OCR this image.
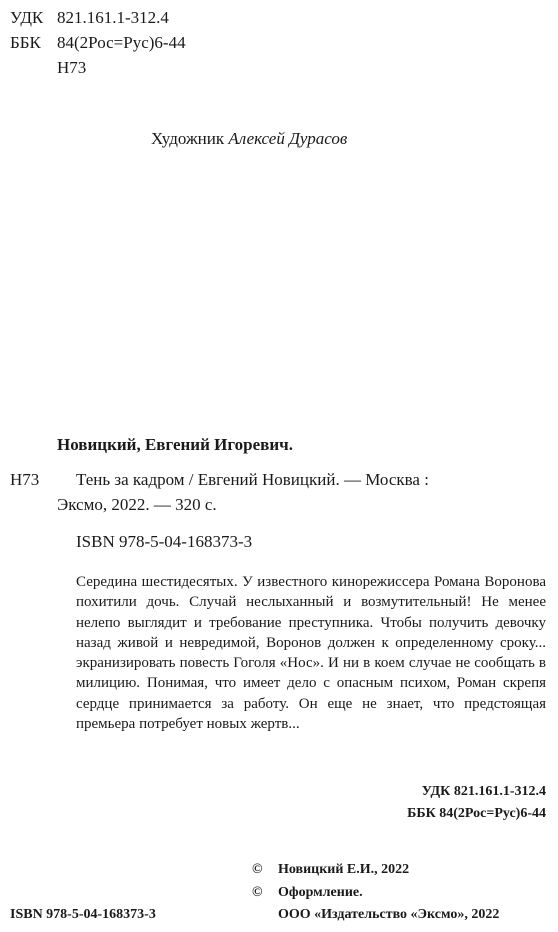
УДК 821.161.1-312.4
ББК 84(2Рос=Рус)6-44
Н73
Художник Алексей Дурасов
Новицкий, Евгений Игоревич.
Н73 Тень за кадром / Евгений Новицкий. — Москва :
Эксмо, 2022. — 320 с.
ISBN 978-5-04-168373-3

Середина шестидесятых. У известного кинорежиссера Романа Воронова похитили дочь. Случай неслыханный и возмутительный! Не менее нелепо выглядит и требование преступника. Чтобы получить девочку назад живой и невредимой, Воронов должен к определенному сроку... экранизировать повесть Гоголя «Нос». И ни в коем случае не сообщать в милицию. Понимая, что имеет дело с опасным психом, Роман скрепя сердце принимается за работу. Он еще не знает, что предстоящая премьера потребует новых жертв...

УДК 821.161.1-312.4
ББК 84(2Рос=Рус)6-44
© Новицкий Е.И., 2022
© Оформление.
ООО «Издательство «Эксмо», 2022
ISBN 978-5-04-168373-3
